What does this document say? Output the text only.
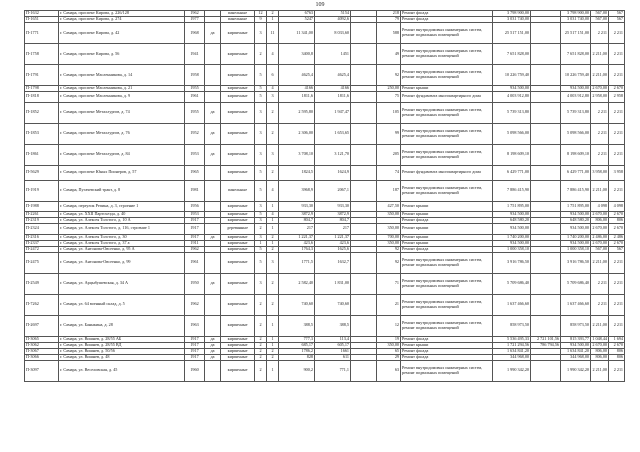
109
П-1632	г. Самара, проспект Кирова, д. 226/128	1962		панельные	12	2	6763	5154		218	Ремонт фасада	3 798 900,00		3 798 900,00	567,00	567
П-1651	г. Самара, проспект Кирова, д. 274	1977		панельные	9	1	5247	4092,6		79	Ремонт фасада	3 031 740,00		3 031 740,00	567,00	567
П-1771	г. Самара, проспект Кирова, д. 42	1968	да	кирпичные	3	11	11 341,00	8 033,60		588	Ремонт внутридомовых инженерных систем, ремонт подвальных помещений	25 517 151,00		25 517 151,00	2 211	2 211
П-1758	г. Самара, проспект Кирова, д. 56	1941		кирпичные	2	4	3400,8	1451		49	Ремонт внутридомовых инженерных систем, ремонт подвальных помещений	7 651 828,00		7 651 828,00	2 211,00	2 211
П-1791	г. Самара, проспект Масленникова, д. 14	1958		кирпичные	5	6	4625,4	4625,4		92	Ремонт внутридомовых инженерных систем, ремонт подвальных помещений	10 226 759,40		10 226 759,40	2 211,00	2 211
П-1798	г. Самара, проспект Масленникова, д. 21	1955		кирпичные	5	4	4166	4166		250,00	Ремонт крыши	934 500,00		934 500,00	2 670,00	2 670
П-1818	г. Самара, проспект Масленникова, д. 9	1961		кирпичные	5	3	1811,6	1811,6		75	Ремонт фундамента многоквартирного дома	4 003 912,80		4 003 912,80	2 958,00	2 958
П-1852	г. Самара, проспект Металлургов, д. 74	1955	да	кирпичные	3	2	2 595,80	1 947,47		105	Ремонт внутридомовых инженерных систем, ремонт подвальных помещений	5 739 313,80		5 739 313,80	2 211	2 211
П-1853	г. Самара, проспект Металлургов, д. 76	1952	да	кирпичные	3	2	2 306,00	1 653,65		99	Ремонт внутридомовых инженерных систем, ремонт подвальных помещений	5 098 566,00		5 098 566,00	2 211	2 211
П-1861	г. Самара, проспект Металлургов, д. 84	1953	да	кирпичные	3	3	3 708,10	3 121,70		205	Ремонт внутридомовых инженерных систем, ремонт подвальных помещений	8 198 609,10		8 198 609,10	2 211	2 211
П-5629	г. Самара, проспект Юных Пионеров, д. 57	1965		кирпичные	5	2	1824,5	1624,9		74	Ремонт фундамента многоквартирного дома	6 429 771,00		6 429 771,00	3 958,00	3 958
П-1919	г. Самара, Пугачевский тракт, д. 8	1981		панельные	5	4	3968,9	2067,1		187	Ремонт внутридомовых инженерных систем, ремонт подвальных помещений	7 886 415,90		7 886 415,90	2 211,00	2 211
П-1988	г. Самара, переулок Репина, д. 3, строение 1	1956		кирпичные	3	1	933,30	933,30		427,50	Ремонт крыши	1 751 895,00		1 751 895,00	4 098	4 098
П-2261	г. Самара, ул. XXII Партсъезда, д. 40	1953		кирпичные	5	4	3872,9	3872,9		350,00	Ремонт крыши	934 500,00		934 500,00	2 670,00	2 670
П-2319	г. Самара, ул. Алексея Толстого, д. 10 А	1917		кирпичные	3	1	804,7	804,7			Ремонт фасада	648 580,20		648 580,20	806,00	806
П-2324	г. Самара, ул. Алексея Толстого, д. 116, строение 1	1917		деревянные	2	1	217	217		350,00	Ремонт крыши	934 500,00		934 500,00	2 670,00	2 670
П-2316	г. Самара, ул. Алексея Толстого, д. 30	1917	да	кирпичные	3	2	1 221,37	1 221,37		700,00	Ремонт крыши	1 740 200,00		1 740 200,00	2 486,00	2 486
П-2337	г. Самара, ул. Алексея Толстого, д. 37 а	1911		кирпичные	1	1	423,6	423,6		350,00	Ремонт крыши	934 500,00		934 500,00	2 670,00	2 670
П-2472	г. Самара, ул. Антонова-Овсеенко, д. 95 А	1962		кирпичные	5	2	1764,3	1625,6		92	Ремонт фасада	1 000 358,10		1 000 358,10	567,00	567
П-2475	г. Самара, ул. Антонова-Овсеенко, д. 99	1961		кирпичные	5	3	1771,5	1632,7		92	Ремонт внутридомовых инженерных систем, ремонт подвальных помещений	3 916 786,50		3 916 786,50	2 211,00	2 211
П-2549	г. Самара, ул. Арцыбушевская, д. 34 А	1950	да	кирпичные	3	2	2 582,40	1 831,00		71	Ремонт внутридомовых инженерных систем, ремонт подвальных помещений	5 709 686,40		5 709 686,40	2 211	2 211
П-7262	г. Самара, ул. 64 военный склад, д. 5	1962		кирпичные	2	2	740,60	740,60		21	Ремонт внутридомовых инженерных систем, ремонт подвальных помещений	1 637 466,60		1 637 466,60	2 211	2 211
П-2697	г. Самара, ул. Баныкина, д. 28	1963		кирпичные	2	1	388,5	388,5		12	Ремонт внутридомовых инженерных систем, ремонт подвальных помещений	858 973,50		858 973,50	2 211,00	2 211
П-3065	г. Самара, ул. Вишнев, д. 28/55 АБ	1917	да	кирпичные	2	1	777,3	113,4		19	Ремонт фасада	5 536 495,33	2 721 101,56	815 393,77	1 048,44	1 694
П-3062	г. Самара, ул. Вишнев, д. 28/55 ВД	1917	да	кирпичные	2	1	685,17	605,17		350,00	Ремонт крыши	1 721 294,56	786 794,56	934 500,00	2 670,00	2 670
П-3067	г. Самара, ул. Вишнев, д. 50/56	1917	да	кирпичные	2	2	1786,2	1661		65	Ремонт фасада	1 634 841,20		1 634 841,20	806,00	806
П-3066	г. Самара, ул. Вишнев, д. 48	1917	да	кирпичные	2	2	828	611		29	Ремонт фасада	344 968,00		344 968,00	806,00	806
П-3097	г. Самара, ул. Веселовская, д. 45	1960		кирпичные	2	1	900,2	771,1		63	Ремонт внутридомовых инженерных систем, ремонт подвальных помещений	1 990 342,20		1 990 342,20	2 211,00	2 211
